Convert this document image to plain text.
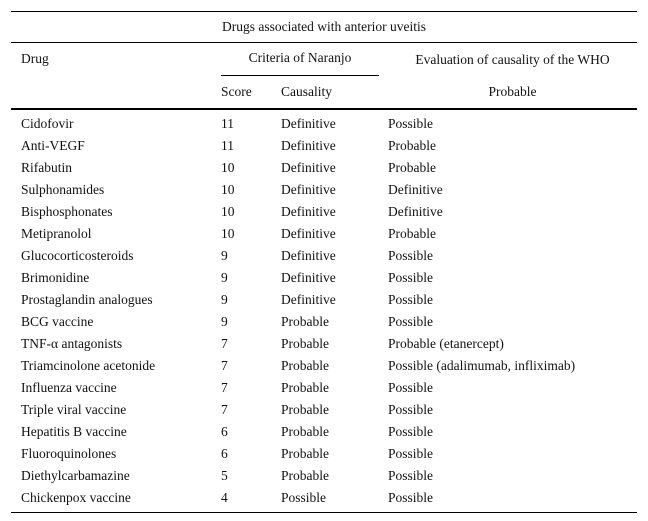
Drugs associated with anterior uveitis			
Drug	Criteria of Naranjo		Evaluation of causality of the WHO
	Score	Causality	Probable
Cidofovir	11	Definitive	Possible
Anti-VEGF	11	Definitive	Probable
Rifabutin	10	Definitive	Probable
Sulphonamides	10	Definitive	Definitive
Bisphosphonates	10	Definitive	Definitive
Metipranolol	10	Definitive	Probable
Glucocorticosteroids	9	Definitive	Possible
Brimonidine	9	Definitive	Possible
Prostaglandin analogues	9	Definitive	Possible
BCG vaccine	9	Probable	Possible
TNF-α antagonists	7	Probable	Probable (etanercept)
Triamcinolone acetonide	7	Probable	Possible (adalimumab, infliximab)
Influenza vaccine	7	Probable	Possible
Triple viral vaccine	7	Probable	Possible
Hepatitis B vaccine	6	Probable	Possible
Fluoroquinolones	6	Probable	Possible
Diethylcarbamazine	5	Probable	Possible
Chickenpox vaccine	4	Possible	Possible
